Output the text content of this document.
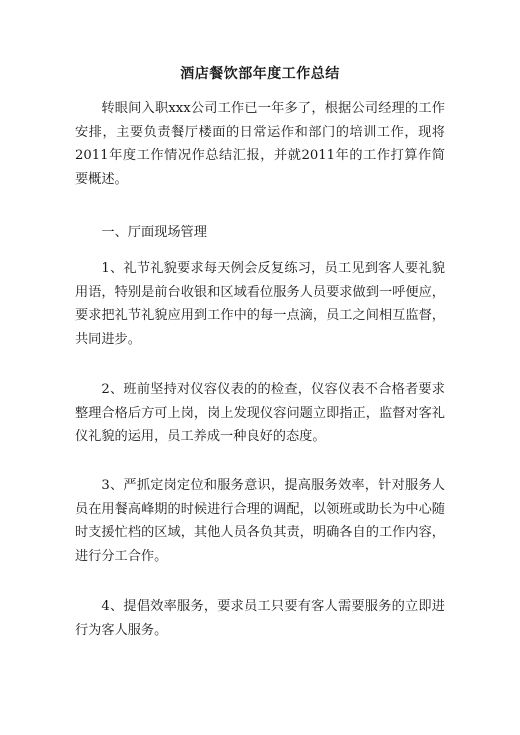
酒店餐饮部年度工作总结

转眼间入职xxx公司工作已一年多了，根据公司经理的工作安排，主要负责餐厅楼面的日常运作和部门的培训工作，现将2011年度工作情况作总结汇报，并就2011年的工作打算作简要概述。

一、厅面现场管理

1、礼节礼貌要求每天例会反复练习，员工见到客人要礼貌用语，特别是前台收银和区域看位服务人员要求做到一呼便应，要求把礼节礼貌应用到工作中的每一点滴，员工之间相互监督，共同进步。

2、班前坚持对仪容仪表的的检查，仪容仪表不合格者要求整理合格后方可上岗，岗上发现仪容问题立即指正，监督对客礼仪礼貌的运用，员工养成一种良好的态度。

3、严抓定岗定位和服务意识，提高服务效率，针对服务人员在用餐高峰期的时候进行合理的调配，以领班或助长为中心随时支援忙档的区域，其他人员各负其责，明确各自的工作内容，进行分工合作。

4、提倡效率服务，要求员工只要有客人需要服务的立即进行为客人服务。
